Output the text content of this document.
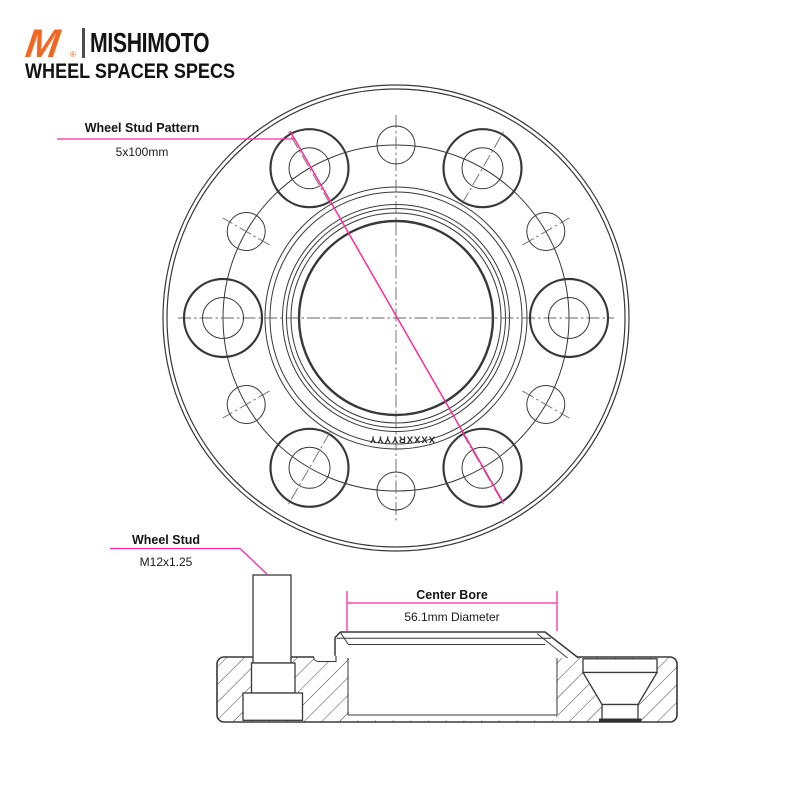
M ® MISHIMOTO
WHEEL SPACER SPECS
Wheel Stud Pattern
5x100mm
Wheel Stud
M12x1.25
Center Bore
56.1mm Diameter
XXXXRYYYY
